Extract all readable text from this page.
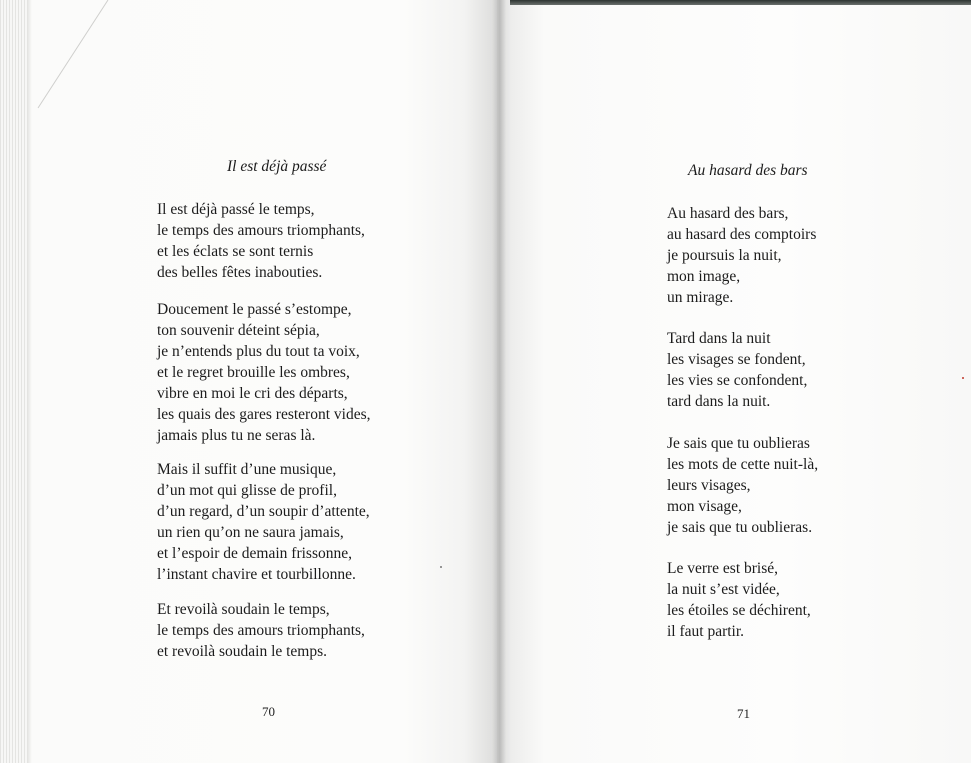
Il est déjà passé
Il est déjà passé le temps,
le temps des amours triomphants,
et les éclats se sont ternis
des belles fêtes inabouties.
Doucement le passé s’estompe,
ton souvenir déteint sépia,
je n’entends plus du tout ta voix,
et le regret brouille les ombres,
vibre en moi le cri des départs,
les quais des gares resteront vides,
jamais plus tu ne seras là.
Mais il suffit d’une musique,
d’un mot qui glisse de profil,
d’un regard, d’un soupir d’attente,
un rien qu’on ne saura jamais,
et l’espoir de demain frissonne,
l’instant chavire et tourbillonne.
Et revoilà soudain le temps,
le temps des amours triomphants,
et revoilà soudain le temps.
70
Au hasard des bars
Au hasard des bars,
au hasard des comptoirs
je poursuis la nuit,
mon image,
un mirage.
Tard dans la nuit
les visages se fondent,
les vies se confondent,
tard dans la nuit.
Je sais que tu oublieras
les mots de cette nuit-là,
leurs visages,
mon visage,
je sais que tu oublieras.
Le verre est brisé,
la nuit s’est vidée,
les étoiles se déchirent,
il faut partir.
71
